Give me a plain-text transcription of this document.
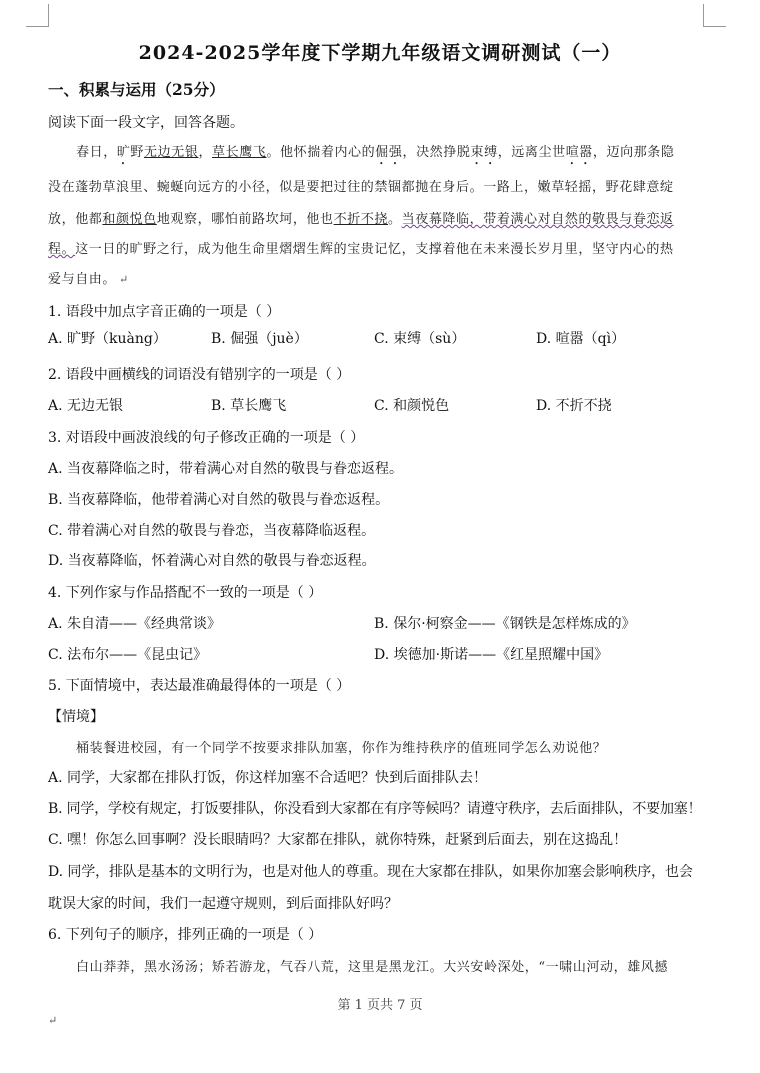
2024-2025学年度下学期九年级语文调研测试（一）
一、积累与运用（25分）
阅读下面一段文字，回答各题。
春日，旷野无边无银，草长鹰飞。他怀揣着内心的倔强，决然挣脱束缚，远离尘世喧嚣，迈向那条隐
没在蓬勃草浪里、蜿蜒向远方的小径，似是要把过往的禁锢都抛在身后。一路上，嫩草轻摇，野花肆意绽
放，他都和颜悦色地观察，哪怕前路坎坷，他也不折不挠。当夜幕降临，带着满心对自然的敬畏与眷恋返
程。这一日的旷野之行，成为他生命里熠熠生辉的宝贵记忆，支撑着他在未来漫长岁月里，坚守内心的热
爱与自由。 ↵
1. 语段中加点字音正确的一项是（ ）
A. 旷野（kuàng）	B. 倔强（juè）	C. 束缚（sù）	D. 喧嚣（qì）
2. 语段中画横线的词语没有错别字的一项是（ ）
A. 无边无银	B. 草长鹰飞	C. 和颜悦色	D. 不折不挠
3. 对语段中画波浪线的句子修改正确的一项是（ ）
A. 当夜幕降临之时，带着满心对自然的敬畏与眷恋返程。
B. 当夜幕降临，他带着满心对自然的敬畏与眷恋返程。
C. 带着满心对自然的敬畏与眷恋，当夜幕降临返程。
D. 当夜幕降临，怀着满心对自然的敬畏与眷恋返程。
4. 下列作家与作品搭配不一致的一项是（ ）
A. 朱自清——《经典常谈》	B. 保尔·柯察金——《钢铁是怎样炼成的》
C. 法布尔——《昆虫记》	D. 埃德加·斯诺——《红星照耀中国》
5. 下面情境中，表达最准确最得体的一项是（ ）
【情境】
桶装餐进校园，有一个同学不按要求排队加塞，你作为维持秩序的值班同学怎么劝说他？
A. 同学，大家都在排队打饭，你这样加塞不合适吧？快到后面排队去！
B. 同学，学校有规定，打饭要排队，你没看到大家都在有序等候吗？请遵守秩序，去后面排队，不要加塞！
C. 嘿！你怎么回事啊？没长眼睛吗？大家都在排队，就你特殊，赶紧到后面去，别在这捣乱！
D. 同学，排队是基本的文明行为，也是对他人的尊重。现在大家都在排队，如果你加塞会影响秩序，也会
耽误大家的时间，我们一起遵守规则，到后面排队好吗？
6. 下列句子的顺序，排列正确的一项是（ ）
白山莽莽，黑水汤汤；矫若游龙，气吞八荒，这里是黑龙江。大兴安岭深处，“一啸山河动，雄风撼
第 1 页共 7 页
↵
